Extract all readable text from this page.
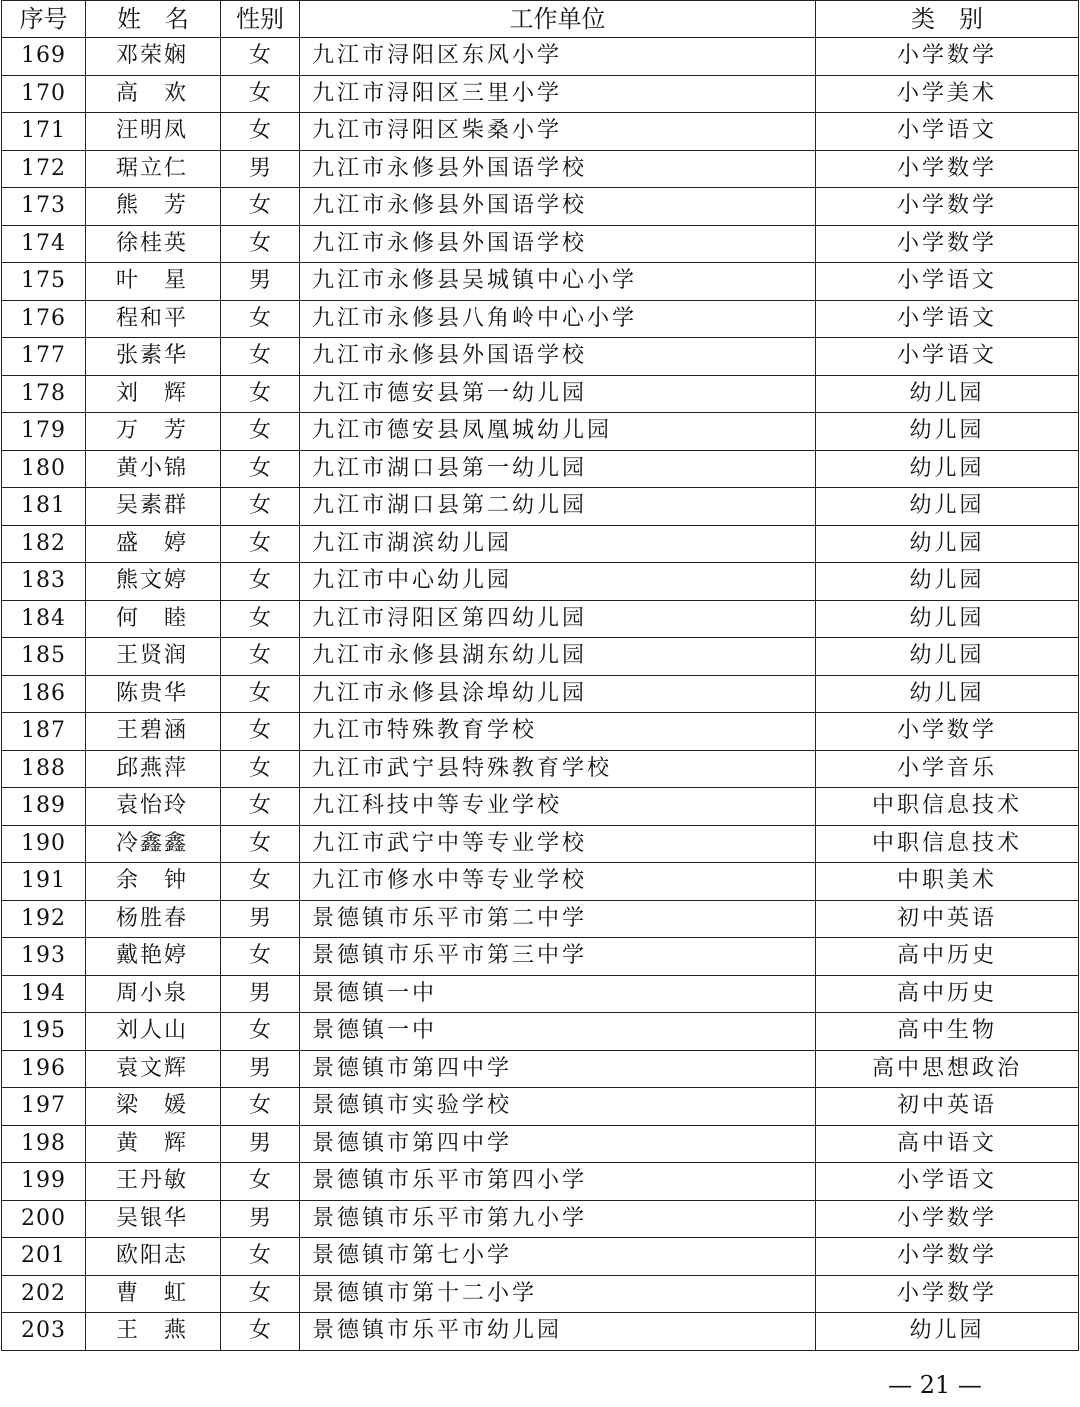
序号	姓　名	性别	工作单位	类　别
169	邓荣娴	女	九江市浔阳区东风小学	小学数学
170	高　欢	女	九江市浔阳区三里小学	小学美术
171	汪明凤	女	九江市浔阳区柴桑小学	小学语文
172	琚立仁	男	九江市永修县外国语学校	小学数学
173	熊　芳	女	九江市永修县外国语学校	小学数学
174	徐桂英	女	九江市永修县外国语学校	小学数学
175	叶　星	男	九江市永修县吴城镇中心小学	小学语文
176	程和平	女	九江市永修县八角岭中心小学	小学语文
177	张素华	女	九江市永修县外国语学校	小学语文
178	刘　辉	女	九江市德安县第一幼儿园	幼儿园
179	万　芳	女	九江市德安县凤凰城幼儿园	幼儿园
180	黄小锦	女	九江市湖口县第一幼儿园	幼儿园
181	吴素群	女	九江市湖口县第二幼儿园	幼儿园
182	盛　婷	女	九江市湖滨幼儿园	幼儿园
183	熊文婷	女	九江市中心幼儿园	幼儿园
184	何　睦	女	九江市浔阳区第四幼儿园	幼儿园
185	王贤润	女	九江市永修县湖东幼儿园	幼儿园
186	陈贵华	女	九江市永修县涂埠幼儿园	幼儿园
187	王碧涵	女	九江市特殊教育学校	小学数学
188	邱燕萍	女	九江市武宁县特殊教育学校	小学音乐
189	袁怡玲	女	九江科技中等专业学校	中职信息技术
190	冷鑫鑫	女	九江市武宁中等专业学校	中职信息技术
191	余　钟	女	九江市修水中等专业学校	中职美术
192	杨胜春	男	景德镇市乐平市第二中学	初中英语
193	戴艳婷	女	景德镇市乐平市第三中学	高中历史
194	周小泉	男	景德镇一中	高中历史
195	刘人山	女	景德镇一中	高中生物
196	袁文辉	男	景德镇市第四中学	高中思想政治
197	梁　媛	女	景德镇市实验学校	初中英语
198	黄　辉	男	景德镇市第四中学	高中语文
199	王丹敏	女	景德镇市乐平市第四小学	小学语文
200	吴银华	男	景德镇市乐平市第九小学	小学数学
201	欧阳志	女	景德镇市第七小学	小学数学
202	曹　虹	女	景德镇市第十二小学	小学数学
203	王　燕	女	景德镇市乐平市幼儿园	幼儿园
— 21 —
